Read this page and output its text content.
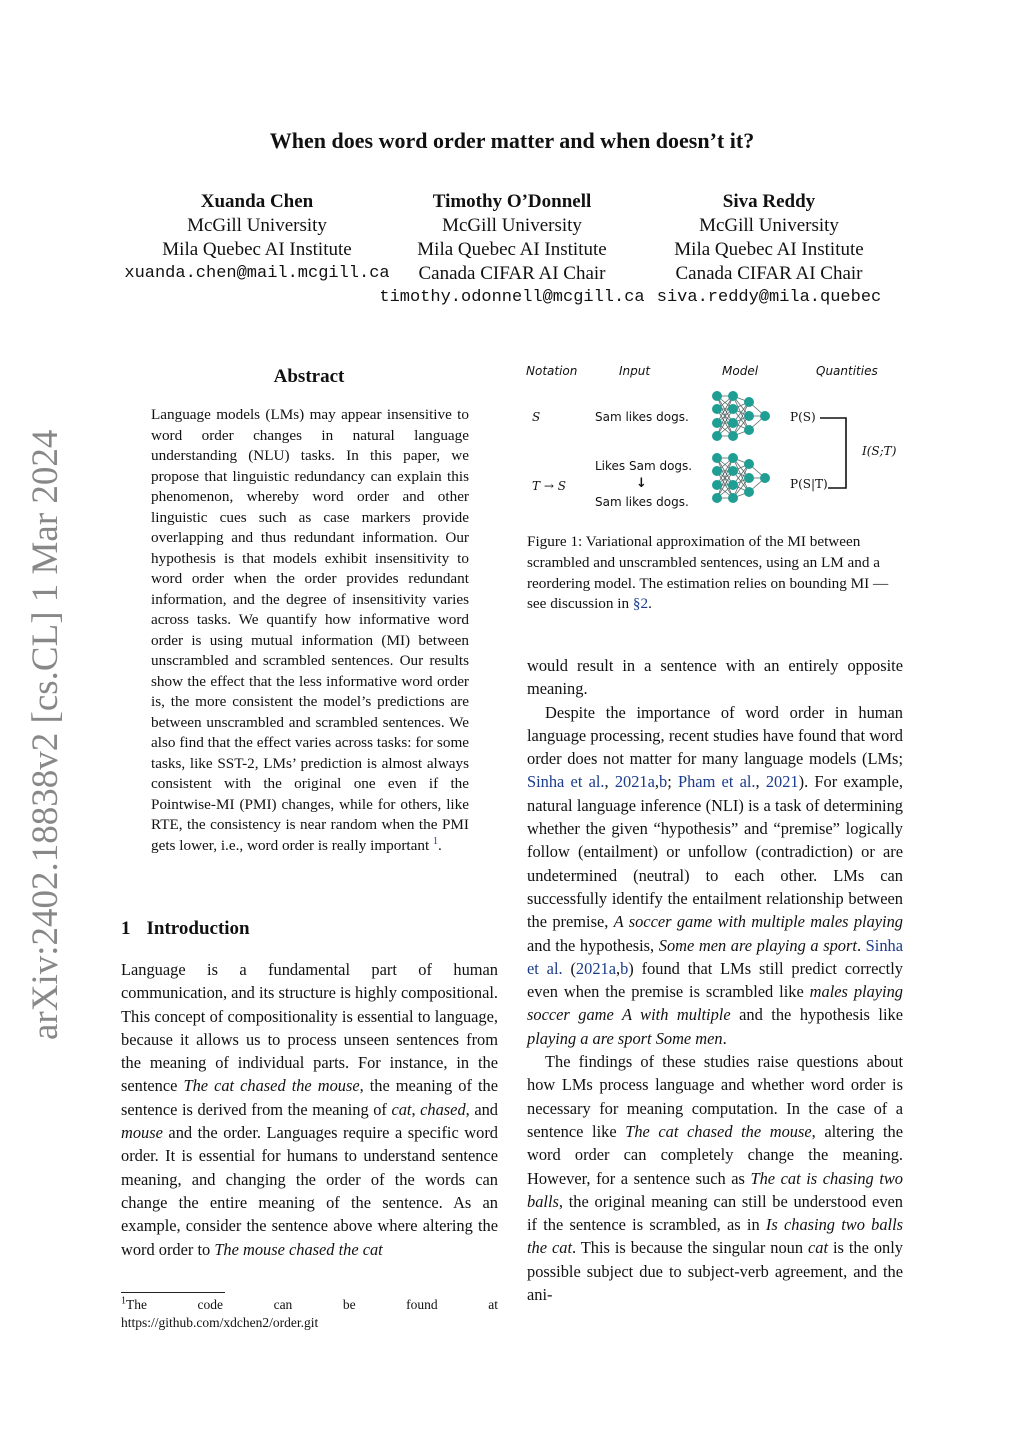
arXiv:2402.18838v2 [cs.CL] 1 Mar 2024
When does word order matter and when doesn’t it?
Xuanda Chen
McGill University
Mila Quebec AI Institute
xuanda.chen@mail.mcgill.ca
Timothy O’Donnell
McGill University
Mila Quebec AI Institute
Canada CIFAR AI Chair
timothy.odonnell@mcgill.ca
Siva Reddy
McGill University
Mila Quebec AI Institute
Canada CIFAR AI Chair
siva.reddy@mila.quebec
Abstract
Language models (LMs) may appear insensitive to word order changes in natural language understanding (NLU) tasks. In this paper, we propose that linguistic redundancy can explain this phenomenon, whereby word order and other linguistic cues such as case markers provide overlapping and thus redundant information. Our hypothesis is that models exhibit insensitivity to word order when the order provides redundant information, and the degree of insensitivity varies across tasks. We quantify how informative word order is using mutual information (MI) between unscrambled and scrambled sentences. Our results show the effect that the less informative word order is, the more consistent the model’s predictions are between unscrambled and scrambled sentences. We also find that the effect varies across tasks: for some tasks, like SST-2, LMs’ prediction is almost always consistent with the original one even if the Pointwise-MI (PMI) changes, while for others, like RTE, the consistency is near random when the PMI gets lower, i.e., word order is really important $^1$.
1 Introduction

Language is a fundamental part of human communication, and its structure is highly compositional. This concept of compositionality is essential to language, because it allows us to process unseen sentences from the meaning of individual parts. For instance, in the sentence The cat chased the mouse, the meaning of the sentence is derived from the meaning of cat, chased, and mouse and the order. Languages require a specific word order. It is essential for humans to understand sentence meaning, and changing the order of the words can change the entire meaning of the sentence. As an example, consider the sentence above where altering the word order to The mouse chased the cat

$^1$The	code	can	be	found	at
https://github.com/xdchen2/order.git
Notation	Input	Model	Quantities
S	Sam likes dogs.	P(S)
Likes Sam dogs.
↓
Sam likes dogs.
T → S	P(S|T)
I(S;T)
Figure 1: Variational approximation of the MI between scrambled and unscrambled sentences, using an LM and a reordering model. The estimation relies on bounding MI —see discussion in §2.

would result in a sentence with an entirely opposite meaning.

Despite the importance of word order in human language processing, recent studies have found that word order does not matter for many language models (LMs; Sinha et al., 2021a,b; Pham et al., 2021). For example, natural language inference (NLI) is a task of determining whether the given “hypothesis” and “premise” logically follow (entailment) or unfollow (contradiction) or are undetermined (neutral) to each other. LMs can successfully identify the entailment relationship between the premise, A soccer game with multiple males playing and the hypothesis, Some men are playing a sport. Sinha et al. (2021a,b) found that LMs still predict correctly even when the premise is scrambled like males playing soccer game A with multiple and the hypothesis like playing a are sport Some men.

The findings of these studies raise questions about how LMs process language and whether word order is necessary for meaning computation. In the case of a sentence like The cat chased the mouse, altering the word order can completely change the meaning. However, for a sentence such as The cat is chasing two balls, the original meaning can still be understood even if the sentence is scrambled, as in Is chasing two balls the cat. This is because the singular noun cat is the only possible subject due to subject-verb agreement, and the ani-
